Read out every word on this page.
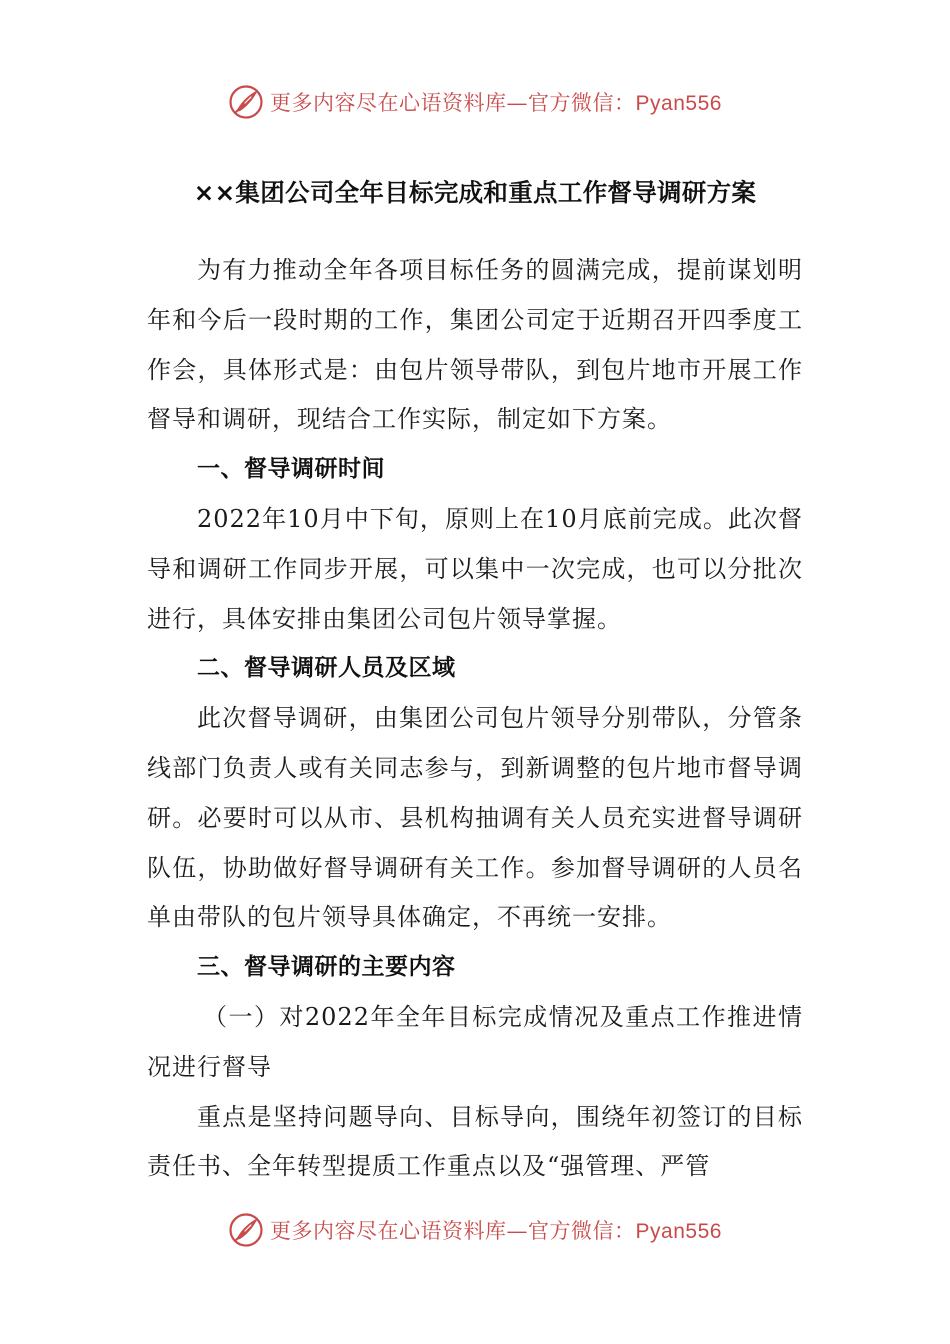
更多内容尽在心语资料库—官方微信：Pyan556
××集团公司全年目标完成和重点工作督导调研方案

为有力推动全年各项目标任务的圆满完成，提前谋划明年和今后一段时期的工作，集团公司定于近期召开四季度工作会，具体形式是：由包片领导带队，到包片地市开展工作督导和调研，现结合工作实际，制定如下方案。

一、督导调研时间

2022年10月中下旬，原则上在10月底前完成。此次督导和调研工作同步开展，可以集中一次完成，也可以分批次进行，具体安排由集团公司包片领导掌握。

二、督导调研人员及区域

此次督导调研，由集团公司包片领导分别带队，分管条线部门负责人或有关同志参与，到新调整的包片地市督导调研。必要时可以从市、县机构抽调有关人员充实进督导调研队伍，协助做好督导调研有关工作。参加督导调研的人员名单由带队的包片领导具体确定，不再统一安排。

三、督导调研的主要内容

（一）对2022年全年目标完成情况及重点工作推进情况进行督导

重点是坚持问题导向、目标导向，围绕年初签订的目标责任书、全年转型提质工作重点以及“强管理、严管

更多内容尽在心语资料库—官方微信：Pyan556
